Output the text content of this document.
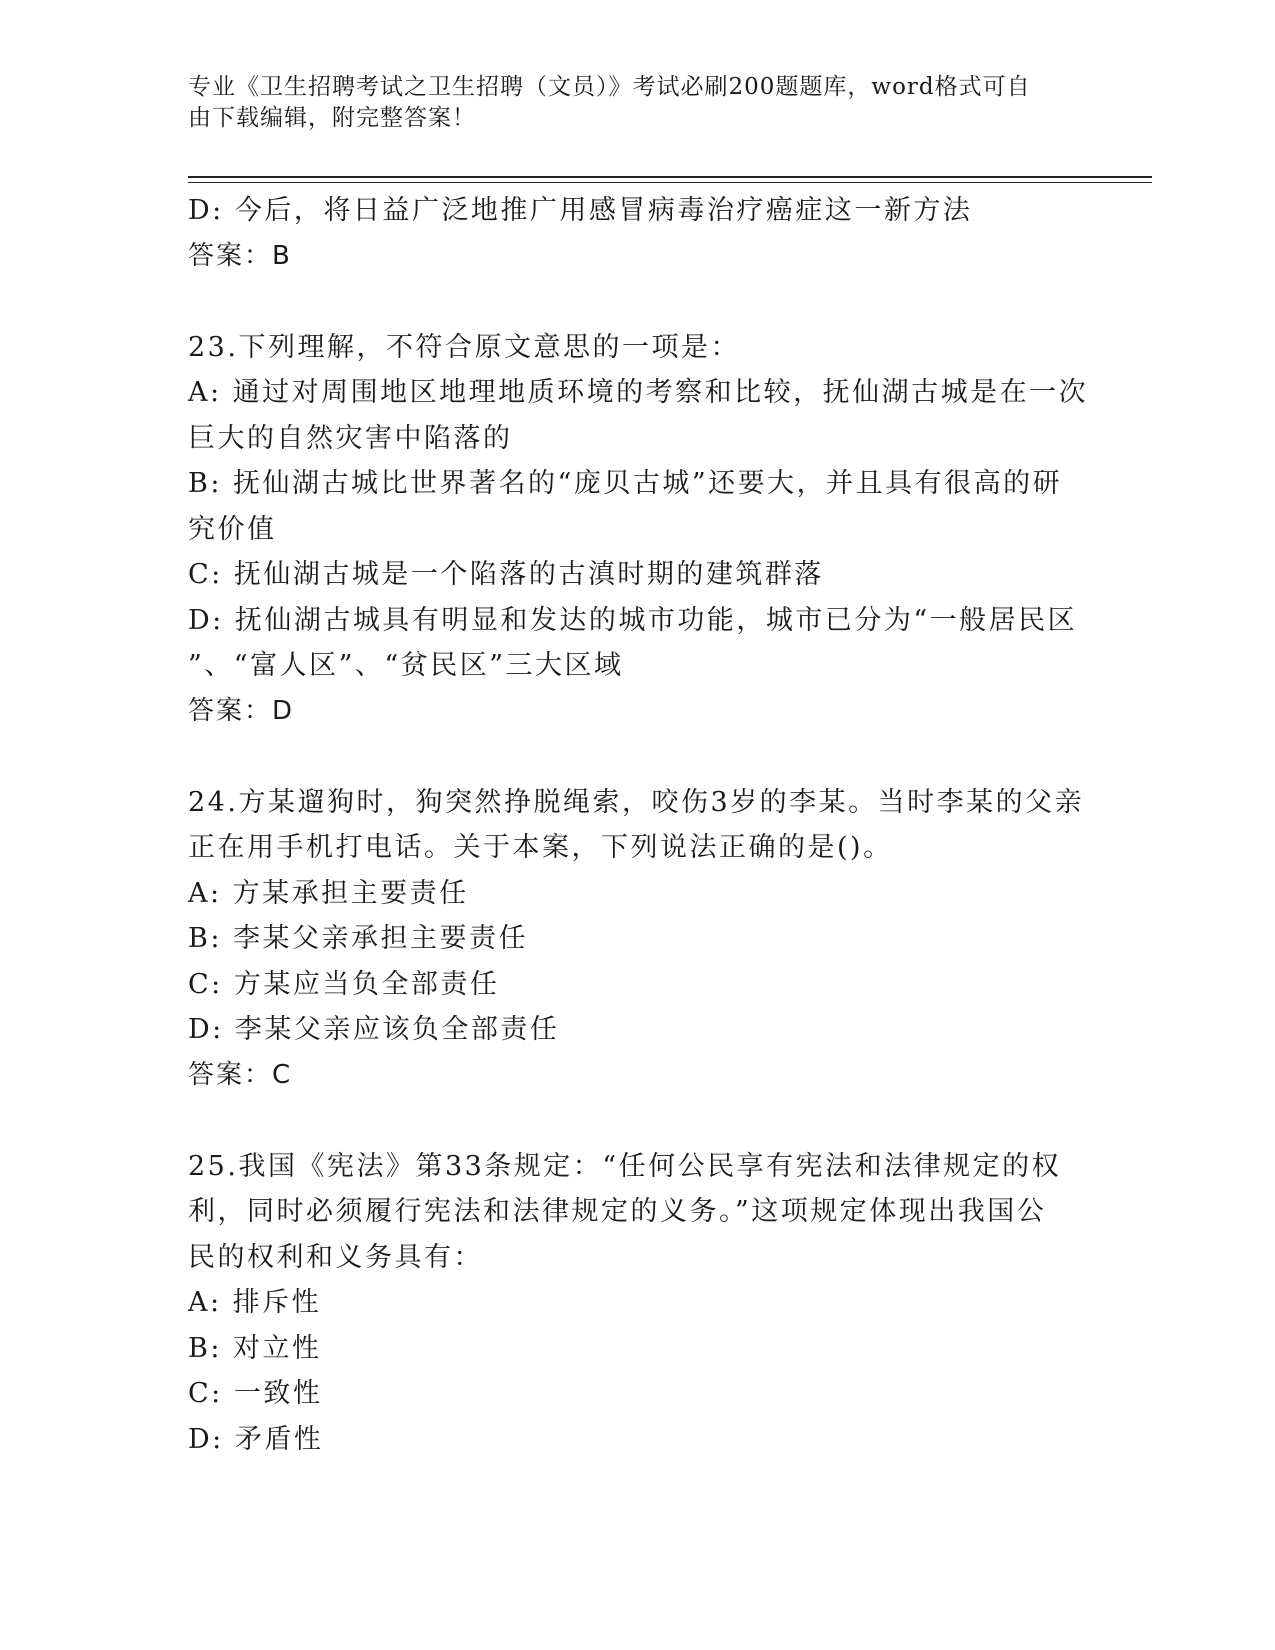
专业《卫生招聘考试之卫生招聘（文员）》考试必刷200题题库，word格式可自
由下载编辑，附完整答案！
D: 今后，将日益广泛地推广用感冒病毒治疗癌症这一新方法
答案：B
23.下列理解，不符合原文意思的一项是：
A: 通过对周围地区地理地质环境的考察和比较，抚仙湖古城是在一次
巨大的自然灾害中陷落的
B: 抚仙湖古城比世界著名的“庞贝古城”还要大，并且具有很高的研
究价值
C: 抚仙湖古城是一个陷落的古滇时期的建筑群落
D: 抚仙湖古城具有明显和发达的城市功能，城市已分为“一般居民区
”、“富人区”、“贫民区”三大区域
答案：D
24.方某遛狗时，狗突然挣脱绳索，咬伤3岁的李某。当时李某的父亲
正在用手机打电话。关于本案，下列说法正确的是()。
A: 方某承担主要责任
B: 李某父亲承担主要责任
C: 方某应当负全部责任
D: 李某父亲应该负全部责任
答案：C
25.我国《宪法》第33条规定：“任何公民享有宪法和法律规定的权
利，同时必须履行宪法和法律规定的义务。”这项规定体现出我国公
民的权利和义务具有：
A: 排斥性
B: 对立性
C: 一致性
D: 矛盾性
